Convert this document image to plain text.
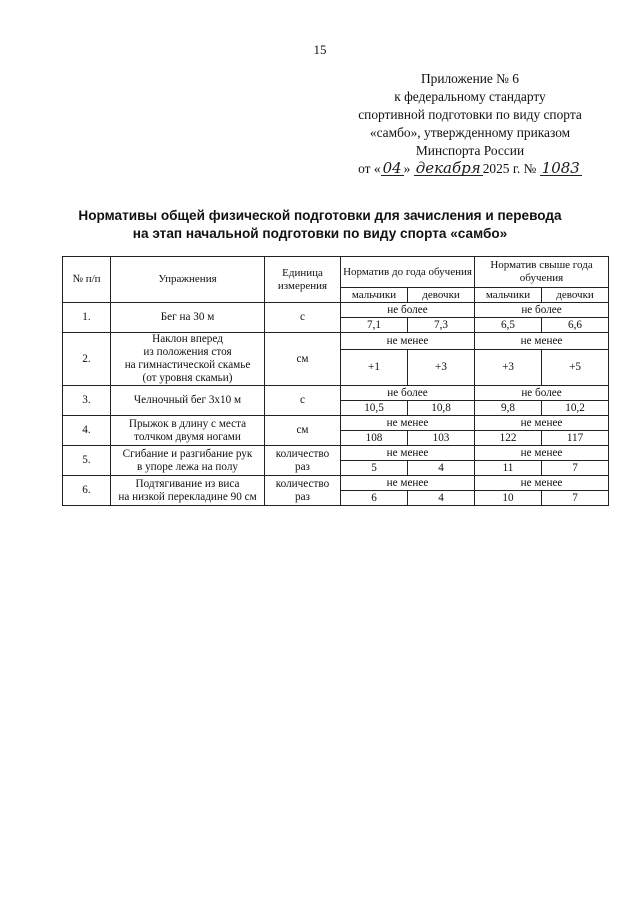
15
Приложение № 6
к федеральному стандарту
спортивной подготовки по виду спорта
«самбо», утвержденному приказом
Минспорта России
от « 04 » декабря 2025 г. № 1083
Нормативы общей физической подготовки для зачисления и перевода
на этап начальной подготовки по виду спорта «самбо»
№ п/п	Упражнения	Единица измерения	Норматив до года обучения		Норматив свыше года обучения	
			мальчики	девочки	мальчики	девочки
1.	Бег на 30 м	с	не более		не более	
			7,1	7,3	6,5	6,6
2.	Наклон вперед
из положения стоя
на гимнастической скамье
(от уровня скамьи)	см	не менее		не менее	
			+1	+3	+3	+5
3.	Челночный бег 3х10 м	с	не более		не более	
			10,5	10,8	9,8	10,2
4.	Прыжок в длину с места
толчком двумя ногами	см	не менее		не менее	
			108	103	122	117
5.	Сгибание и разгибание рук
в упоре лежа на полу	количество раз	не менее		не менее	
			5	4	11	7
6.	Подтягивание из виса
на низкой перекладине 90 см	количество раз	не менее		не менее	
			6	4	10	7
